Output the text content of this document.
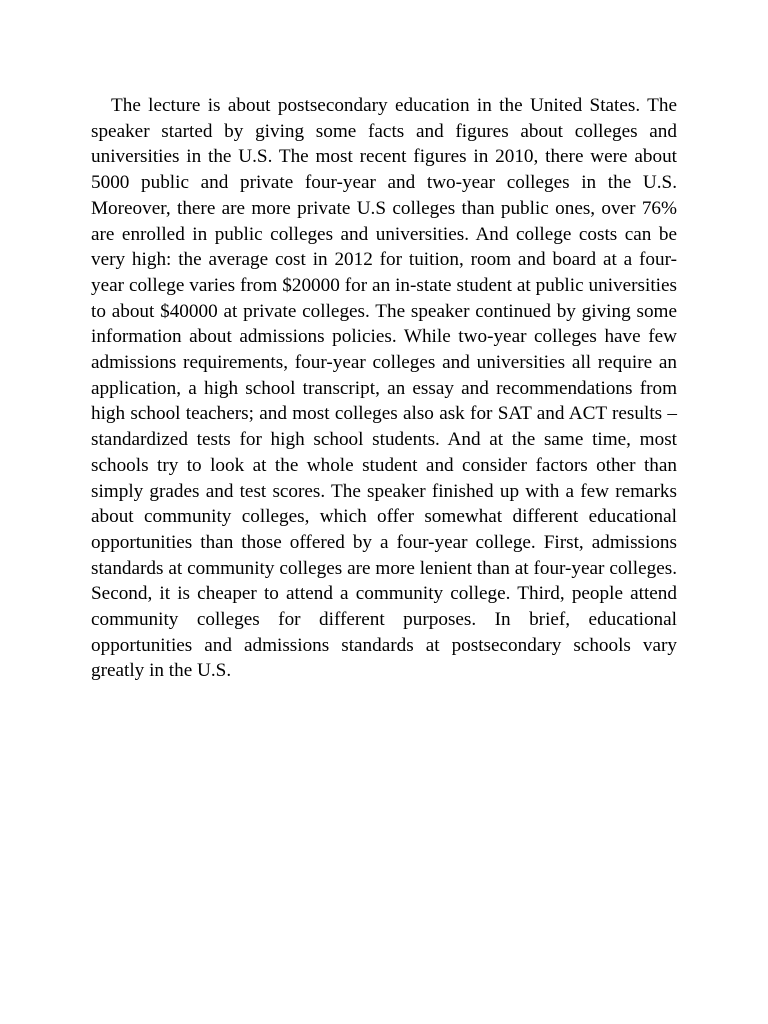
The lecture is about postsecondary education in the United States. The speaker started by giving some facts and figures about colleges and universities in the U.S. The most recent figures in 2010, there were about 5000 public and private four-year and two-year colleges in the U.S. Moreover, there are more private U.S colleges than public ones, over 76% are enrolled in public colleges and universities. And college costs can be very high: the average cost in 2012 for tuition, room and board at a four-year college varies from $20000 for an in-state student at public universities to about $40000 at private colleges. The speaker continued by giving some information about admissions policies. While two-year colleges have few admissions requirements, four-year colleges and universities all require an application, a high school transcript, an essay and recommendations from high school teachers; and most colleges also ask for SAT and ACT results – standardized tests for high school students. And at the same time, most schools try to look at the whole student and consider factors other than simply grades and test scores. The speaker finished up with a few remarks about community colleges, which offer somewhat different educational opportunities than those offered by a four-year college. First, admissions standards at community colleges are more lenient than at four-year colleges. Second, it is cheaper to attend a community college. Third, people attend community colleges for different purposes. In brief, educational opportunities and admissions standards at postsecondary schools vary greatly in the U.S.
